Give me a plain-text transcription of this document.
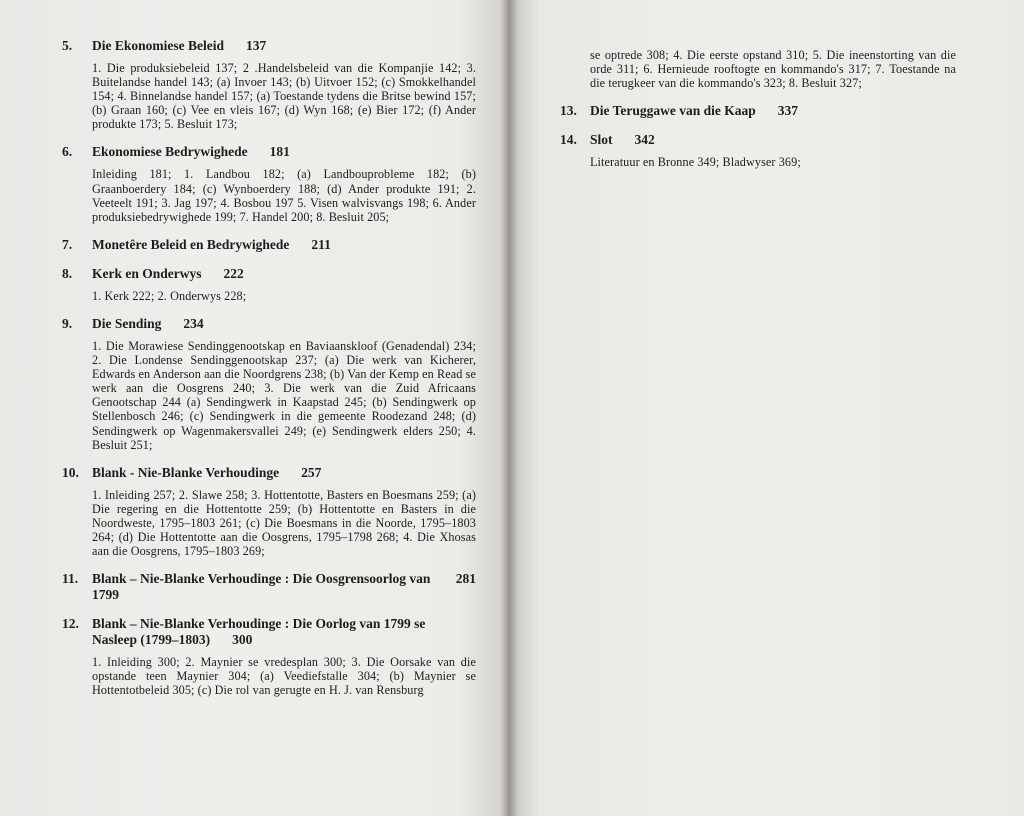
5.	Die Ekonomiese Beleid 137
1. Die produksiebeleid 137; 2 .Handelsbeleid van die Kompanjie 142; 3. Buitelandse handel 143; (a) Invoer 143; (b) Uitvoer 152; (c) Smokkelhandel 154; 4. Binnelandse handel 157; (a) Toestande tydens die Britse bewind 157; (b) Graan 160; (c) Vee en vleis 167; (d) Wyn 168; (e) Bier 172; (f) Ander produkte 173; 5. Besluit 173;
6.	Ekonomiese Bedrywighede 181
Inleiding 181; 1. Landbou 182; (a) Landbouprobleme 182; (b) Graanboerdery 184; (c) Wynboerdery 188; (d) Ander produkte 191; 2. Veeteelt 191; 3. Jag 197; 4. Bosbou 197 5. Visen walvisvangs 198; 6. Ander produksiebedrywighede 199; 7. Handel 200; 8. Besluit 205;
7.	Monetêre Beleid en Bedrywighede 211
8.	Kerk en Onderwys 222
1. Kerk 222; 2. Onderwys 228;
9.	Die Sending 234
1. Die Morawiese Sendinggenootskap en Baviaanskloof (Genadendal) 234; 2. Die Londense Sendinggenootskap 237; (a) Die werk van Kicherer, Edwards en Anderson aan die Noordgrens 238; (b) Van der Kemp en Read se werk aan die Oosgrens 240; 3. Die werk van die Zuid Africaans Genootschap 244 (a) Sendingwerk in Kaapstad 245; (b) Sendingwerk op Stellenbosch 246; (c) Sendingwerk in die gemeente Roodezand 248; (d) Sendingwerk op Wagenmakersvallei 249; (e) Sendingwerk elders 250; 4. Besluit 251;
10. Blank - Nie-Blanke Verhoudinge 257
1. Inleiding 257; 2. Slawe 258; 3. Hottentotte, Basters en Boesmans 259; (a) Die regering en die Hottentotte 259; (b) Hottentotte en Basters in die Noordweste, 1795–1803 261; (c) Die Boesmans in die Noorde, 1795–1803 264; (d) Die Hottentotte aan die Oosgrens, 1795–1798 268; 4. Die Xhosas aan die Oosgrens, 1795–1803 269;
11. Blank – Nie-Blanke Verhoudinge : Die Oosgrensoorlog van 1799
281
12. Blank – Nie-Blanke Verhoudinge : Die Oorlog van 1799 se Nasleep (1799–1803) 300
1. Inleiding 300; 2. Maynier se vredesplan 300; 3. Die Oorsake van die opstande teen Maynier 304; (a) Veediefstalle 304; (b) Maynier se Hottentotbeleid 305; (c) Die rol van gerugte en H. J. van Rensburg
se optrede 308; 4. Die eerste opstand 310; 5. Die ineenstorting van die orde 311; 6. Hernieude rooftogte en kommando's 317; 7. Toestande na die terugkeer van die kommando's 323; 8. Besluit 327;
13. Die Teruggawe van die Kaap 337
14. Slot 342
Literatuur en Bronne 349; Bladwyser 369;
